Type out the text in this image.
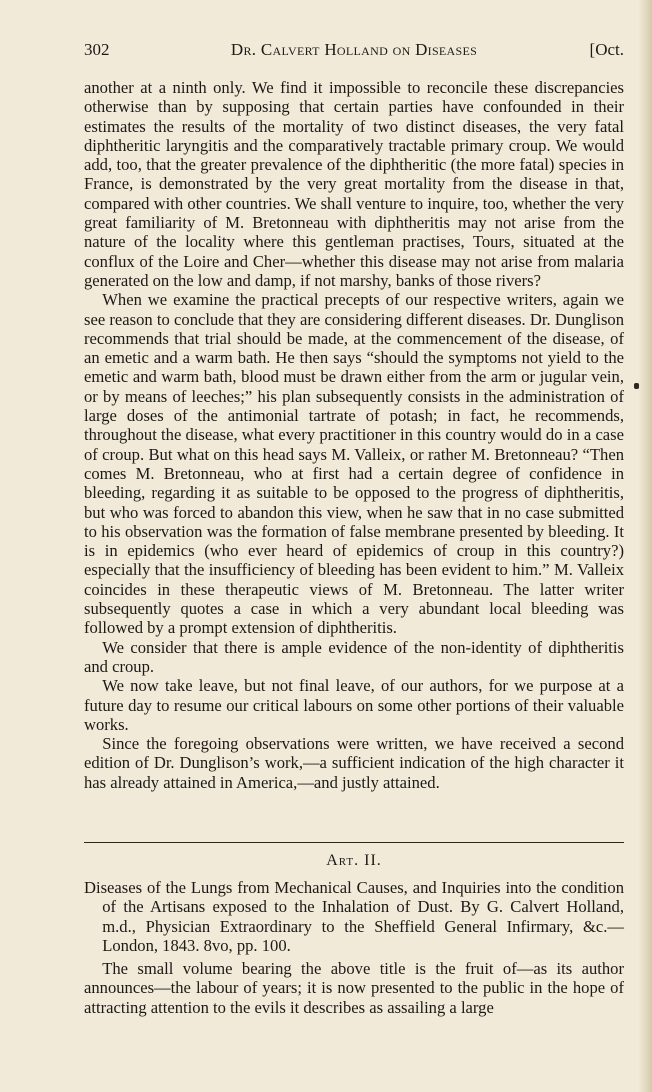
302	Dr. Calvert Holland on Diseases	[Oct.

another at a ninth only. We find it impossible to reconcile these discrepancies otherwise than by supposing that certain parties have confounded in their estimates the results of the mortality of two distinct diseases, the very fatal diphtheritic laryngitis and the comparatively tractable primary croup. We would add, too, that the greater prevalence of the diphtheritic (the more fatal) species in France, is demonstrated by the very great mortality from the disease in that, compared with other countries. We shall venture to inquire, too, whether the very great familiarity of M. Bretonneau with diphtheritis may not arise from the nature of the locality where this gentleman practises, Tours, situated at the conflux of the Loire and Cher—whether this disease may not arise from malaria generated on the low and damp, if not marshy, banks of those rivers?

When we examine the practical precepts of our respective writers, again we see reason to conclude that they are considering different diseases. Dr. Dunglison recommends that trial should be made, at the commencement of the disease, of an emetic and a warm bath. He then says “should the symptoms not yield to the emetic and warm bath, blood must be drawn either from the arm or jugular vein, or by means of leeches;” his plan subsequently consists in the administration of large doses of the antimonial tartrate of potash; in fact, he recommends, throughout the disease, what every practitioner in this country would do in a case of croup. But what on this head says M. Valleix, or rather M. Bretonneau? “Then comes M. Bretonneau, who at first had a certain degree of confidence in bleeding, regarding it as suitable to be opposed to the progress of diphtheritis, but who was forced to abandon this view, when he saw that in no case submitted to his observation was the formation of false membrane presented by bleeding. It is in epidemics (who ever heard of epidemics of croup in this country?) especially that the insufficiency of bleeding has been evident to him.” M. Valleix coincides in these therapeutic views of M. Bretonneau. The latter writer subsequently quotes a case in which a very abundant local bleeding was followed by a prompt extension of diphtheritis.

We consider that there is ample evidence of the non-identity of diphtheritis and croup.

We now take leave, but not final leave, of our authors, for we purpose at a future day to resume our critical labours on some other portions of their valuable works.

Since the foregoing observations were written, we have received a second edition of Dr. Dunglison’s work,—a sufficient indication of the high character it has already attained in America,—and justly attained.

Art. II.

Diseases of the Lungs from Mechanical Causes, and Inquiries into the condition of the Artisans exposed to the Inhalation of Dust. By G. Calvert Holland, m.d., Physician Extraordinary to the Sheffield General Infirmary, &c.—London, 1843. 8vo, pp. 100.

The small volume bearing the above title is the fruit of—as its author announces—the labour of years; it is now presented to the public in the hope of attracting attention to the evils it describes as assailing a large
